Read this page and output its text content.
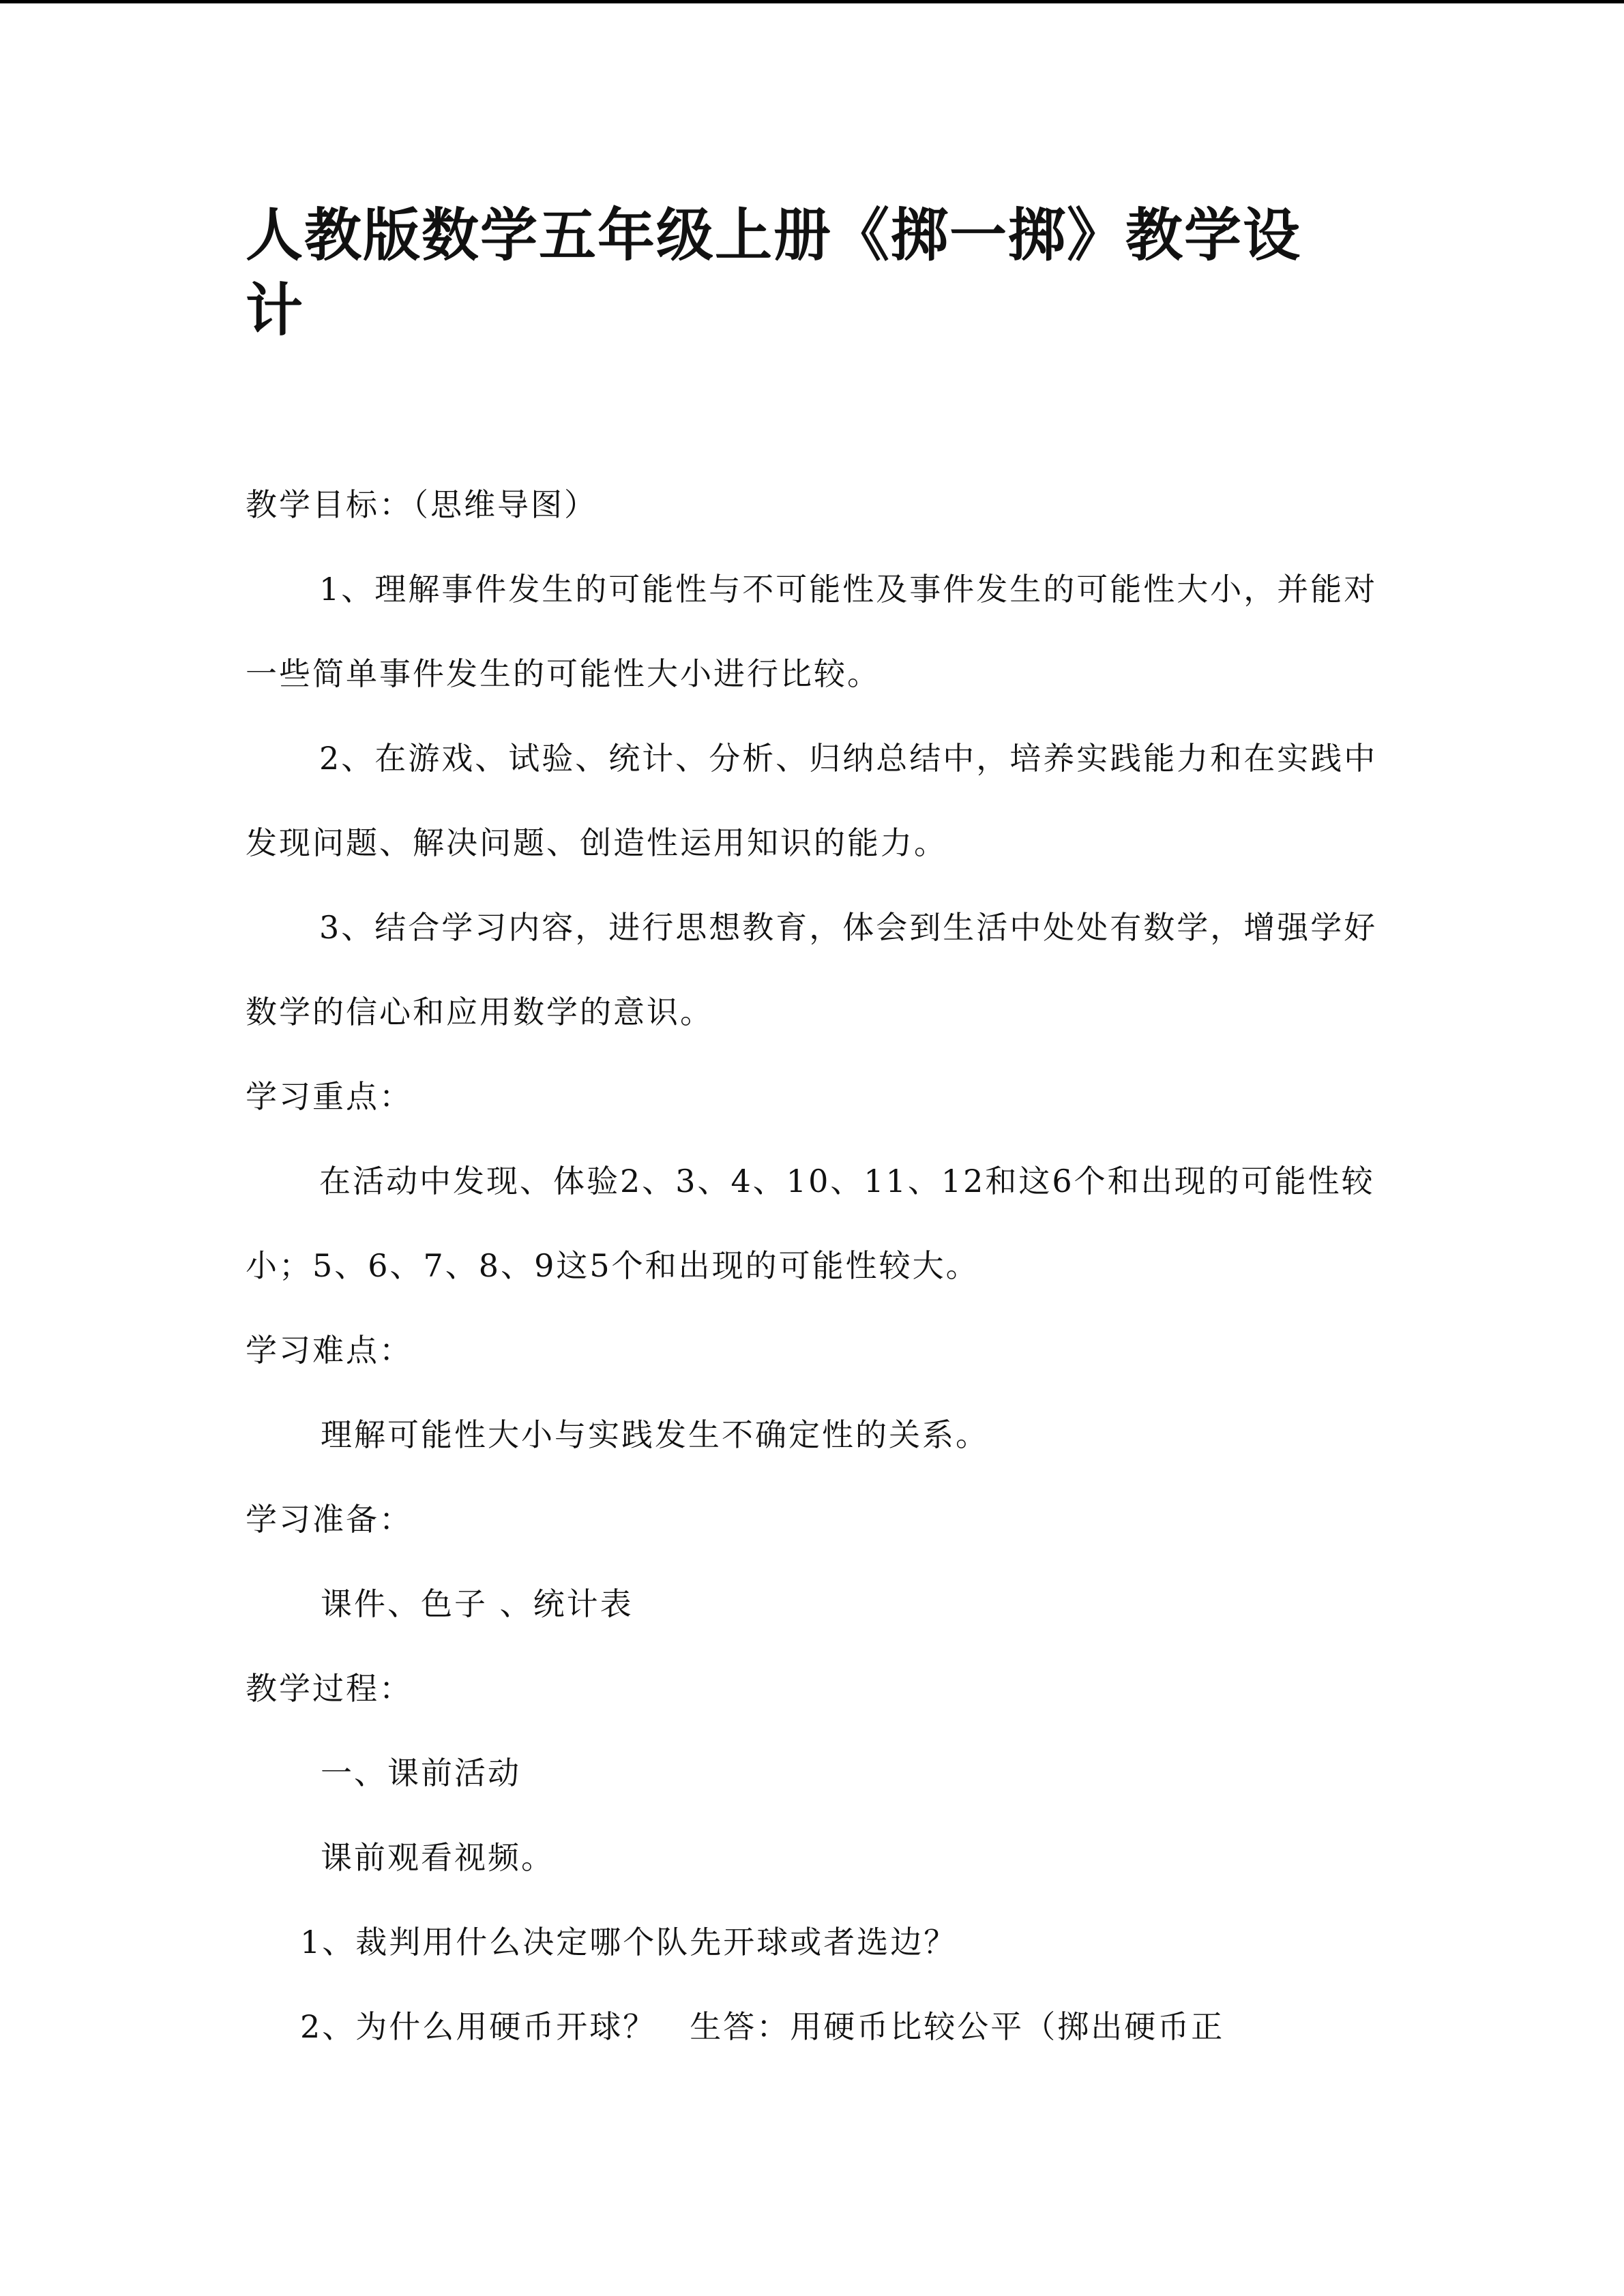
人教版数学五年级上册《掷一掷》教学设计
教学目标：（思维导图）

1、理解事件发生的可能性与不可能性及事件发生的可能性大小，并能对一些简单事件发生的可能性大小进行比较。

2、在游戏、试验、统计、分析、归纳总结中，培养实践能力和在实践中发现问题、解决问题、创造性运用知识的能力。

3、结合学习内容，进行思想教育，体会到生活中处处有数学，增强学好数学的信心和应用数学的意识。

学习重点：

在活动中发现、体验2、3、4、10、11、12和这6个和出现的可能性较小；5、6、7、8、9这5个和出现的可能性较大。

学习难点：
理解可能性大小与实践发生不确定性的关系。
学习准备：
课件、色子 、统计表
教学过程：
一、课前活动
课前观看视频。
1、裁判用什么决定哪个队先开球或者选边？
2、为什么用硬币开球？　生答：用硬币比较公平（掷出硬币正
